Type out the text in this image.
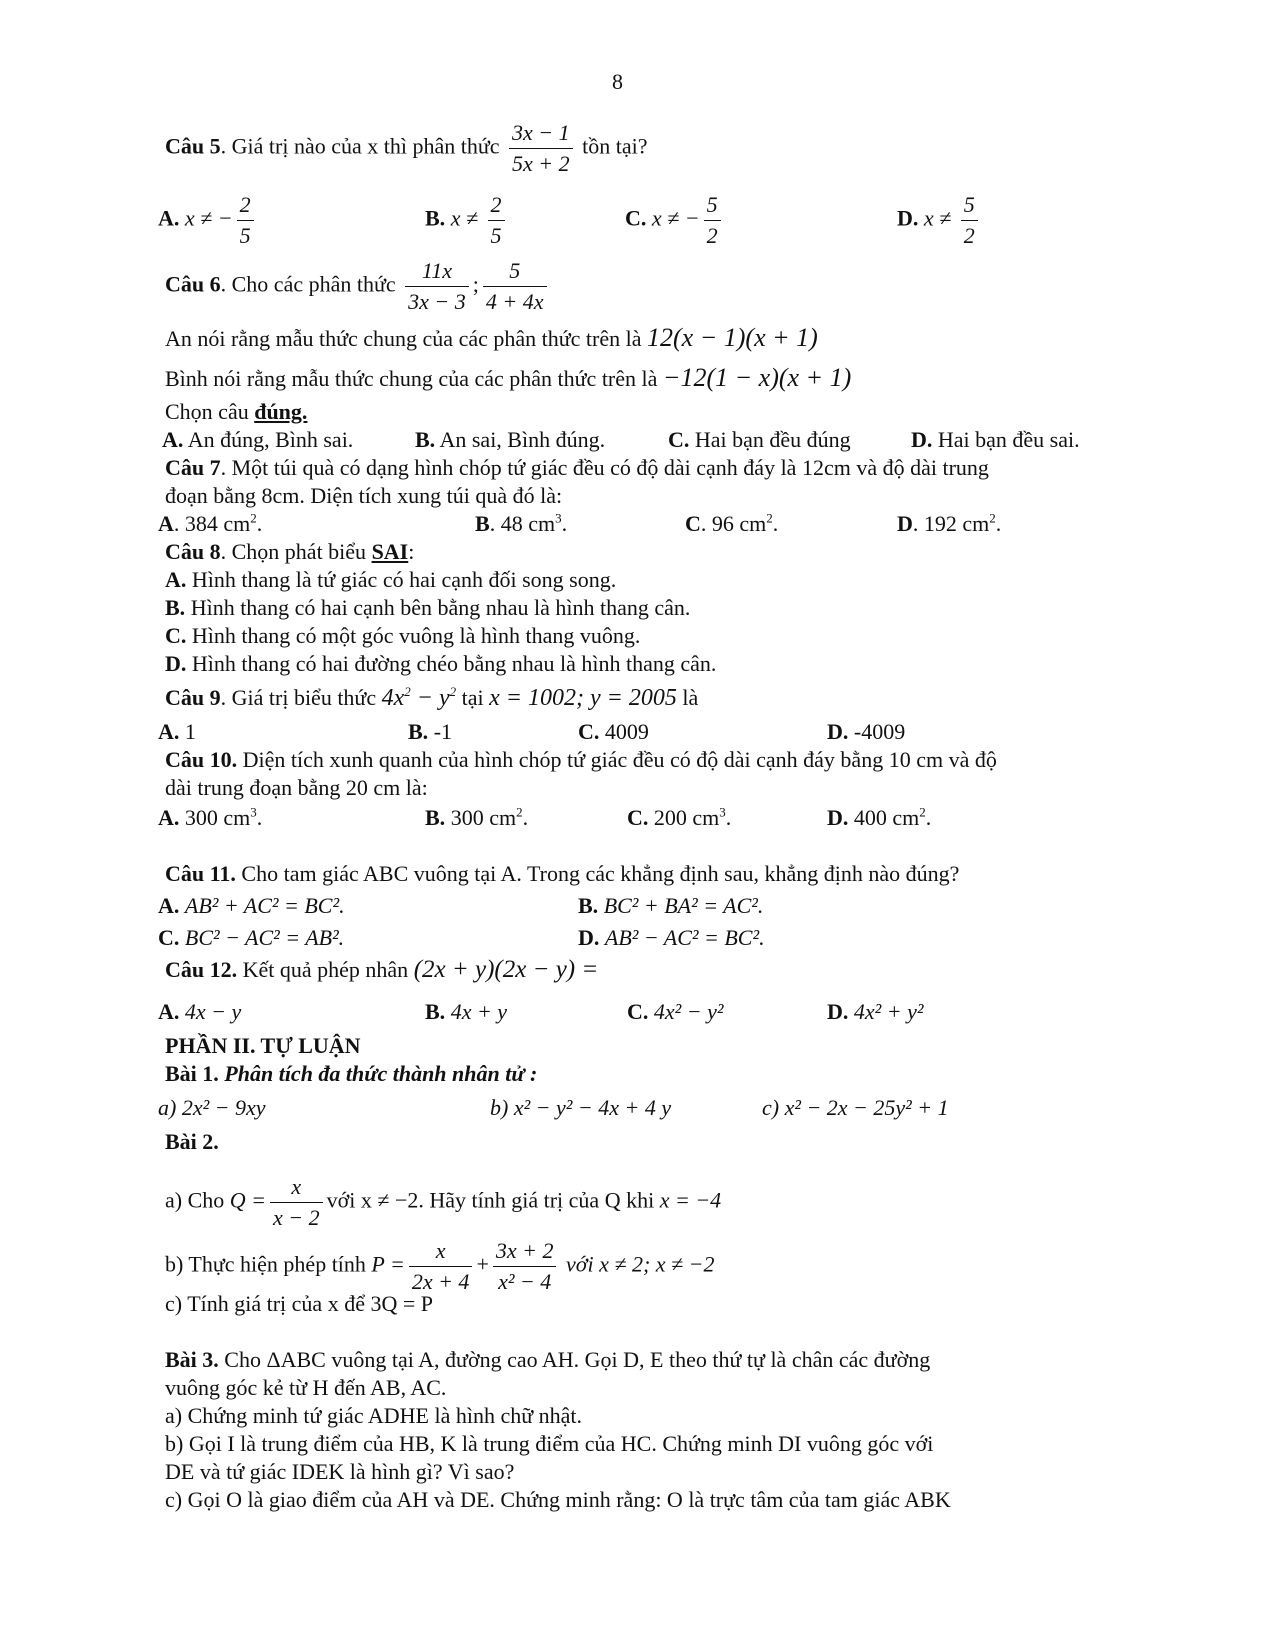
8
Câu 5. Giá trị nào của x thì phân thức $\frac{3x - 1}{5x + 2}$ tồn tại?
A. x ≠ − $\frac{2}{5}$	B. $x \ne \frac{2}{5}$	C. x ≠ − $\frac{5}{2}$	D. $x \ne \frac{5}{2}$
Câu 6. Cho các phân thức $\frac{11x}{3x - 3}$ ; $\frac{5}{4 + 4x}$
An nói rằng mẫu thức chung của các phân thức trên là 12(x − 1)(x + 1)
Bình nói rằng mẫu thức chung của các phân thức trên là −12(1 − x)(x + 1)
Chọn câu đúng.
A. An đúng, Bình sai.	B. An sai, Bình đúng.	C. Hai bạn đều đúng	D. Hai bạn đều sai.
Câu 7. Một túi quà có dạng hình chóp tứ giác đều có độ dài cạnh đáy là 12cm và độ dài trung
đoạn bằng 8cm. Diện tích xung túi quà đó là:
A. 384 $cm^2$.	B. 48 $cm^3$.	C. 96 $cm^2$.	D. 192 $cm^2$.
Câu 8. Chọn phát biểu SAI:
A. Hình thang là tứ giác có hai cạnh đối song song.
B. Hình thang có hai cạnh bên bằng nhau là hình thang cân.
C. Hình thang có một góc vuông là hình thang vuông.
D. Hình thang có hai đường chéo bằng nhau là hình thang cân.
Câu 9. Giá trị biểu thức $4x^2 - y^2$ tại x = 1002; y = 2005 là
A. 1	B. -1	C. 4009	D. -4009
Câu 10. Diện tích xunh quanh của hình chóp tứ giác đều có độ dài cạnh đáy bằng 10 cm và độ
dài trung đoạn bằng 20 cm là:
A. 300 $cm^3$.	B. 300 $cm^2$.	C. 200 $cm^3$.	D. 400 $cm^2$.
Câu 11. Cho tam giác ABC vuông tại A. Trong các khẳng định sau, khẳng định nào đúng?
A. AB² + AC² = BC².	B. BC² + BA² = AC².
C. BC² − AC² = AB².	D. AB² − AC² = BC².
Câu 12. Kết quả phép nhân (2x + y)(2x − y) =
A. 4x − y	B. 4x + y	C. 4x² − y²	D. 4x² + y²
PHẦN II. TỰ LUẬN
Bài 1. Phân tích đa thức thành nhân tử :
a) 2x² − 9xy	b) x² − y² − 4x + 4 y	c) x² − 2x − 25y² + 1
Bài 2.
a) Cho $Q = \frac{x}{x - 2}$ với x ≠ −2. Hãy tính giá trị của Q khi x = −4
b) Thực hiện phép tính $P = \frac{x}{2x + 4} + \frac{3x + 2}{\text{x² − 4}}$ với x ≠ 2; x ≠ −2
c) Tính giá trị của x để 3Q = P
Bài 3. Cho ΔABC vuông tại A, đường cao AH. Gọi D, E theo thứ tự là chân các đường
vuông góc kẻ từ H đến AB, AC.
a) Chứng minh tứ giác ADHE là hình chữ nhật.
b) Gọi I là trung điểm của HB, K là trung điểm của HC. Chứng minh DI vuông góc với
DE và tứ giác IDEK là hình gì? Vì sao?
c) Gọi O là giao điểm của AH và DE. Chứng minh rằng: O là trực tâm của tam giác ABK
